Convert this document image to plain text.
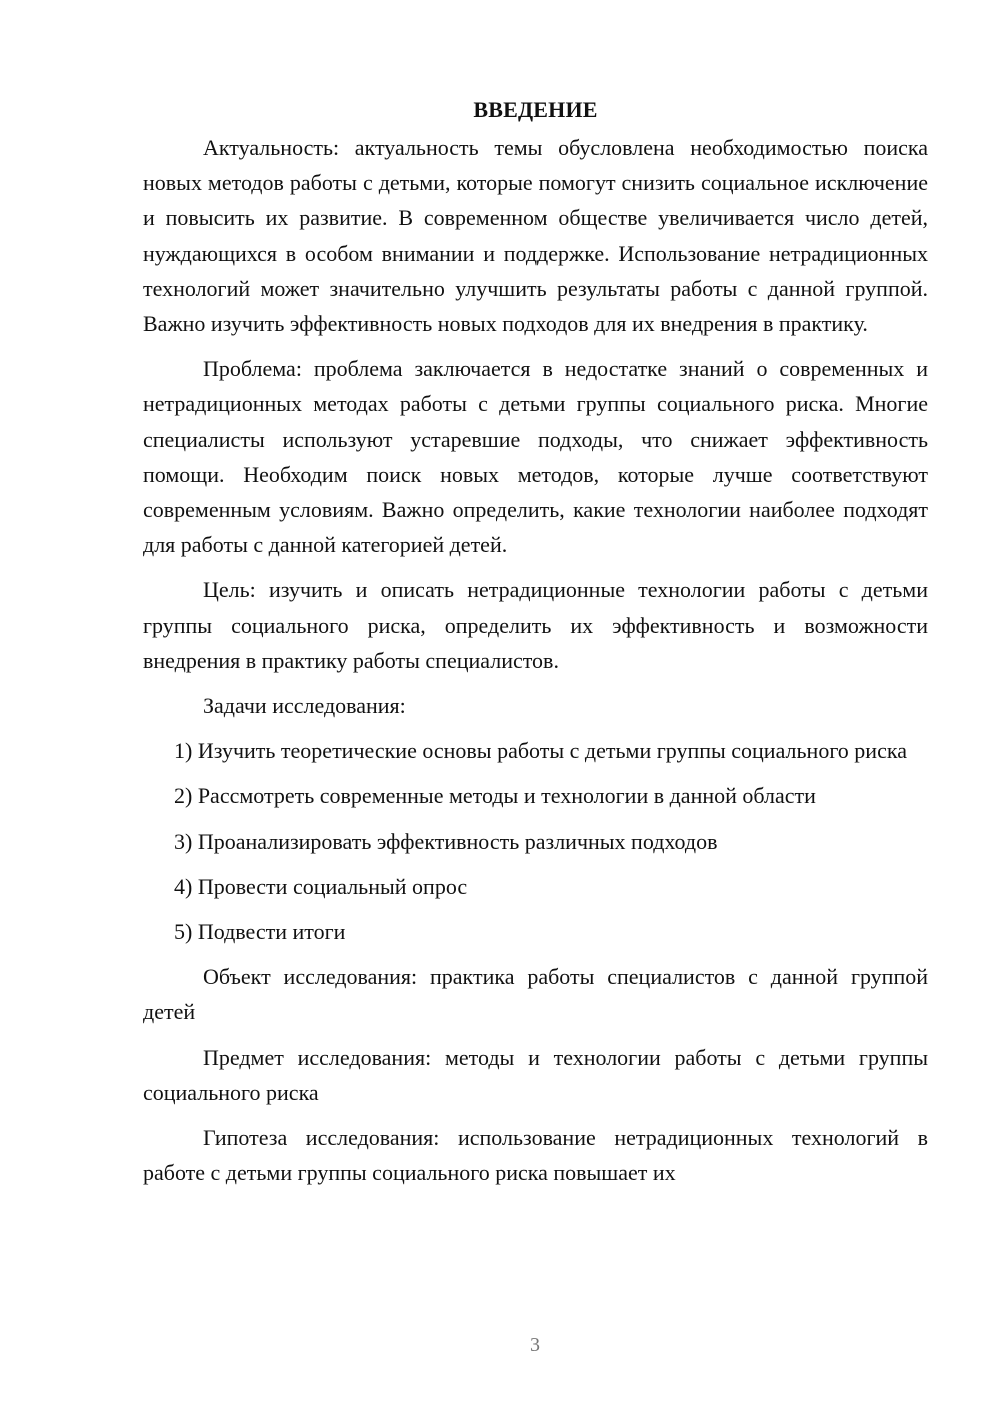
ВВЕДЕНИЕ

Актуальность: актуальность темы обусловлена необходимостью поиска новых методов работы с детьми, которые помогут снизить социальное исключение и повысить их развитие. В современном обществе увеличивается число детей, нуждающихся в особом внимании и поддержке. Использование нетрадиционных технологий может значительно улучшить результаты работы с данной группой. Важно изучить эффективность новых подходов для их внедрения в практику.

Проблема: проблема заключается в недостатке знаний о современных и нетрадиционных методах работы с детьми группы социального риска. Многие специалисты используют устаревшие подходы, что снижает эффективность помощи. Необходим поиск новых методов, которые лучше соответствуют современным условиям. Важно определить, какие технологии наиболее подходят для работы с данной категорией детей.

Цель: изучить и описать нетрадиционные технологии работы с детьми группы социального риска, определить их эффективность и возможности внедрения в практику работы специалистов.

Задачи исследования:

1) Изучить теоретические основы работы с детьми группы социального риска

2) Рассмотреть современные методы и технологии в данной области

3) Проанализировать эффективность различных подходов

4) Провести социальный опрос

5) Подвести итоги

Объект исследования: практика работы специалистов с данной группой детей

Предмет исследования: методы и технологии работы с детьми группы социального риска

Гипотеза исследования: использование нетрадиционных технологий в работе с детьми группы социального риска повышает их

3
